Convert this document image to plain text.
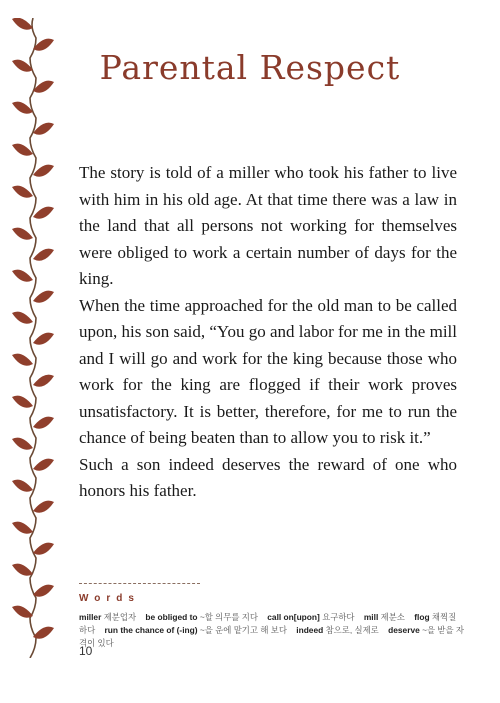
Parental Respect

The story is told of a miller who took his father to live with him in his old age. At that time there was a law in the land that all persons not working for themselves were obliged to work a certain number of days for the king.

When the time approached for the old man to be called upon, his son said, “You go and labor for me in the mill and I will go and work for the king because those who work for the king are flogged if their work proves unsatisfactory. It is better, therefore, for me to run the chance of being beaten than to allow you to risk it.”

Such a son indeed deserves the reward of one who honors his father.

Words
miller 제분업자 be obliged to ~할 의무를 지다 call on[upon] 요구하다 mill 제분소 flog 채찍질하다 run the chance of (-ing) ~을 운에 맡기고 해 보다 indeed 참으로, 실제로 deserve ~을 받을 자격이 있다
10
